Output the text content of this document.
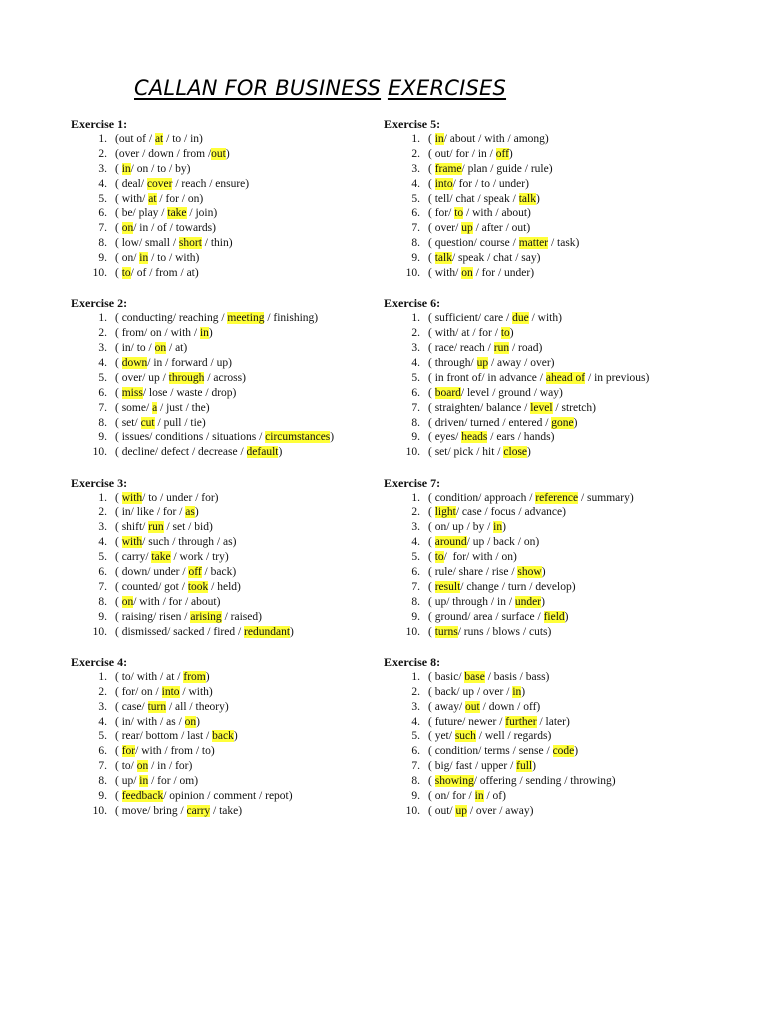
CALLAN FOR BUSINESS EXERCISES
Exercise 1:
1. (out of / at / to / in)
2. (over / down / from /out)
3. ( in/ on / to / by)
4. ( deal/ cover / reach / ensure)
5. ( with/ at / for / on)
6. ( be/ play / take / join)
7. ( on/ in / of / towards)
8. ( low/ small / short / thin)
9. ( on/ in / to / with)
10. ( to/ of / from / at)
Exercise 2:
1. ( conducting/ reaching / meeting / finishing)
2. ( from/ on / with / in)
3. ( in/ to / on / at)
4. ( down/ in / forward / up)
5. ( over/ up / through / across)
6. ( miss/ lose / waste / drop)
7. ( some/ a / just / the)
8. ( set/ cut / pull / tie)
9. ( issues/ conditions / situations / circumstances)
10. ( decline/ defect / decrease / default)
Exercise 3:
1. ( with/ to / under / for)
2. ( in/ like / for / as)
3. ( shift/ run / set / bid)
4. ( with/ such / through / as)
5. ( carry/ take / work / try)
6. ( down/ under / off / back)
7. ( counted/ got / took / held)
8. ( on/ with / for / about)
9. ( raising/ risen / arising / raised)
10. ( dismissed/ sacked / fired / redundant)
Exercise 4:
1. ( to/ with / at / from)
2. ( for/ on / into / with)
3. ( case/ turn / all / theory)
4. ( in/ with / as / on)
5. ( rear/ bottom / last / back)
6. ( for/ with / from / to)
7. ( to/ on / in / for)
8. ( up/ in / for / om)
9. ( feedback/ opinion / comment / repot)
10. ( move/ bring / carry / take)
Exercise 5:
1. ( in/ about / with / among)
2. ( out/ for / in / off)
3. ( frame/ plan / guide / rule)
4. ( into/ for / to / under)
5. ( tell/ chat / speak / talk)
6. ( for/ to / with / about)
7. ( over/ up / after / out)
8. ( question/ course / matter / task)
9. ( talk/ speak / chat / say)
10. ( with/ on / for / under)
Exercise 6:
1. ( sufficient/ care / due / with)
2. ( with/ at / for / to)
3. ( race/ reach / run / road)
4. ( through/ up / away / over)
5. ( in front of/ in advance / ahead of / in previous)
6. ( board/ level / ground / way)
7. ( straighten/ balance / level / stretch)
8. ( driven/ turned / entered / gone)
9. ( eyes/ heads / ears / hands)
10. ( set/ pick / hit / close)
Exercise 7:
1. ( condition/ approach / reference / summary)
2. ( light/ case / focus / advance)
3. ( on/ up / by / in)
4. ( around/ up / back / on)
5. ( to/  for/ with / on)
6. ( rule/ share / rise / show)
7. ( result/ change / turn / develop)
8. ( up/ through / in / under)
9. ( ground/ area / surface / field)
10. ( turns/ runs / blows / cuts)
Exercise 8:
1. ( basic/ base / basis / bass)
2. ( back/ up / over / in)
3. ( away/ out / down / off)
4. ( future/ newer / further / later)
5. ( yet/ such / well / regards)
6. ( condition/ terms / sense / code)
7. ( big/ fast / upper / full)
8. ( showing/ offering / sending / throwing)
9. ( on/ for / in / of)
10. ( out/ up / over / away)
